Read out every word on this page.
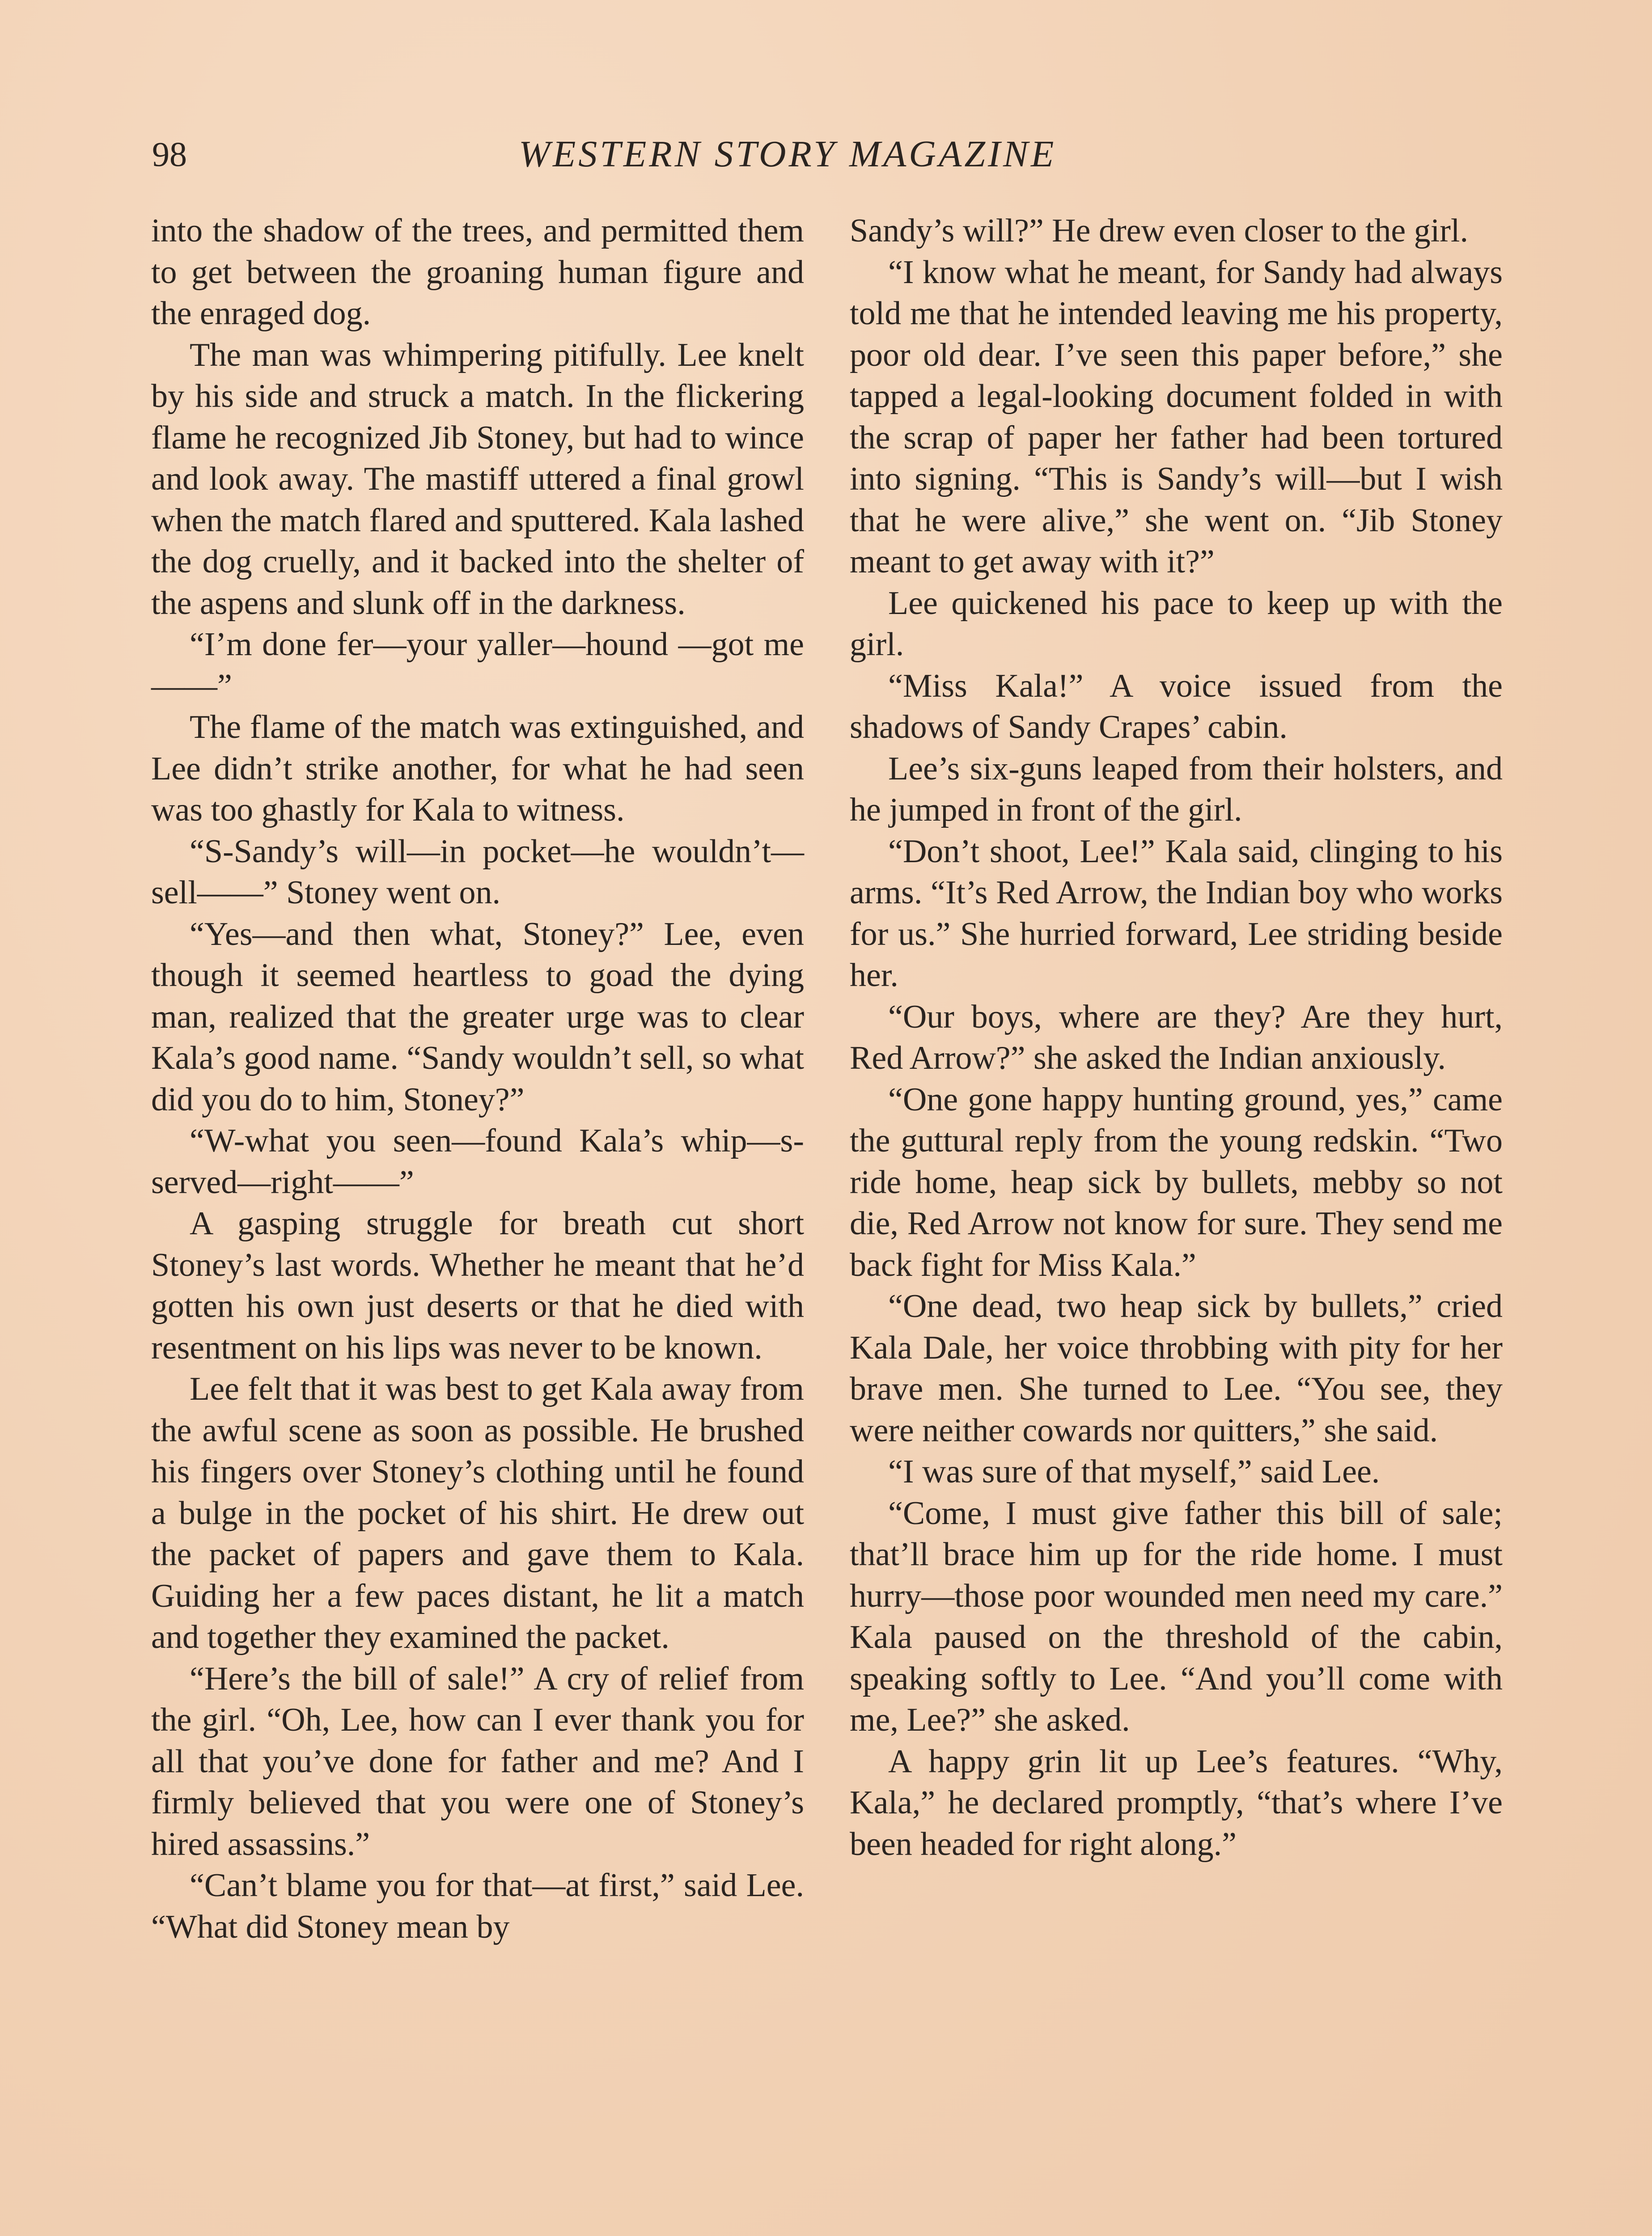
98	WESTERN STORY MAGAZINE

into the shadow of the trees, and permitted them to get between the groaning human figure and the enraged dog.

The man was whimpering pitifully. Lee knelt by his side and struck a match. In the flickering flame he recognized Jib Stoney, but had to wince and look away. The mastiff uttered a final growl when the match flared and sputtered. Kala lashed the dog cruelly, and it backed into the shelter of the aspens and slunk off in the darkness.

“I’m done fer—your yaller—hound —got me——”

The flame of the match was extinguished, and Lee didn’t strike another, for what he had seen was too ghastly for Kala to witness.

“S-Sandy’s will—in pocket—he wouldn’t—sell——” Stoney went on.

“Yes—and then what, Stoney?” Lee, even though it seemed heartless to goad the dying man, realized that the greater urge was to clear Kala’s good name. “Sandy wouldn’t sell, so what did you do to him, Stoney?”

“W-what you seen—found Kala’s whip—s-served—right——”

A gasping struggle for breath cut short Stoney’s last words. Whether he meant that he’d gotten his own just deserts or that he died with resentment on his lips was never to be known.

Lee felt that it was best to get Kala away from the awful scene as soon as possible. He brushed his fingers over Stoney’s clothing until he found a bulge in the pocket of his shirt. He drew out the packet of papers and gave them to Kala. Guiding her a few paces distant, he lit a match and together they examined the packet.

“Here’s the bill of sale!” A cry of relief from the girl. “Oh, Lee, how can I ever thank you for all that you’ve done for father and me? And I firmly believed that you were one of Stoney’s hired assassins.”

“Can’t blame you for that—at first,” said Lee. “What did Stoney mean by

Sandy’s will?” He drew even closer to the girl.

“I know what he meant, for Sandy had always told me that he intended leaving me his property, poor old dear. I’ve seen this paper before,” she tapped a legal-looking document folded in with the scrap of paper her father had been tortured into signing. “This is Sandy’s will—but I wish that he were alive,” she went on. “Jib Stoney meant to get away with it?”

Lee quickened his pace to keep up with the girl.

“Miss Kala!” A voice issued from the shadows of Sandy Crapes’ cabin.

Lee’s six-guns leaped from their holsters, and he jumped in front of the girl.

“Don’t shoot, Lee!” Kala said, clinging to his arms. “It’s Red Arrow, the Indian boy who works for us.” She hurried forward, Lee striding beside her.

“Our boys, where are they? Are they hurt, Red Arrow?” she asked the Indian anxiously.

“One gone happy hunting ground, yes,” came the guttural reply from the young redskin. “Two ride home, heap sick by bullets, mebby so not die, Red Arrow not know for sure. They send me back fight for Miss Kala.”

“One dead, two heap sick by bullets,” cried Kala Dale, her voice throbbing with pity for her brave men. She turned to Lee. “You see, they were neither cowards nor quitters,” she said.

“I was sure of that myself,” said Lee.

“Come, I must give father this bill of sale; that’ll brace him up for the ride home. I must hurry—those poor wounded men need my care.” Kala paused on the threshold of the cabin, speaking softly to Lee. “And you’ll come with me, Lee?” she asked.

A happy grin lit up Lee’s features. “Why, Kala,” he declared promptly, “that’s where I’ve been headed for right along.”
